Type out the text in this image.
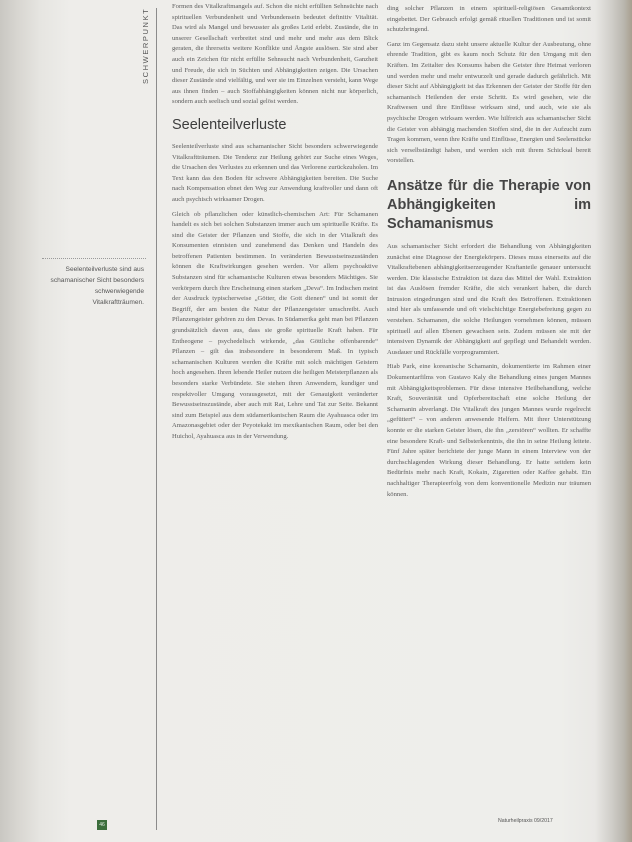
SCHWERPUNKT
Seelenteilverluste sind aus schamanischer Sicht besonders schwerwiegende Vitalkraftträumen.

Formen des Vitalkraftmangels auf. Schon die nicht erfüllten Sehnsüchte nach spirituellen Verbundenheit und Verbundensein bedeutet definitiv Vitalität. Das wird als Mangel und bewusster als großes Leid erlebt. Zustände, die in unserer Gesellschaft verbreitet sind und mehr und mehr aus dem Blick geraten, die ihrerseits weitere Konflikte und Ängste auslösen. Sie sind aber auch ein Zeichen für nicht erfüllte Sehnsucht nach Verbundenheit, Ganzheit und Freude, die sich in Süchten und Abhängigkeiten zeigen. Die Ursachen dieser Zustände sind vielfältig, und wer sie im Einzelnen versteht, kann Wege aus ihnen finden – auch Stoffabhängigkeiten können nicht nur körperlich, sondern auch seelisch und sozial gelöst werden.

Seelenteilverluste

Seelenteilverluste sind aus schamanischer Sicht besonders schwerwiegende Vitalkraftträumen. Die Tendenz zur Heilung gehört zur Suche eines Weges, die Ursachen des Verlustes zu erkennen und das Verlorene zurückzuholen. Im Text kann das den Boden für schwere Abhängigkeiten bereiten. Die Suche nach Kompensation ebnet den Weg zur Anwendung kraftvoller und dann oft auch psychisch wirksamer Drogen.

Gleich ob pflanzlichen oder künstlich-chemischen Art: Für Schamanen handelt es sich bei solchen Substanzen immer auch um spirituelle Kräfte. Es sind die Geister der Pflanzen und Stoffe, die sich in der Vitalkraft des Konsumenten einnisten und zunehmend das Denken und Handeln des betroffenen Patienten bestimmen. In veränderten Bewusstseinszuständen können die Kraftwirkungen gesehen werden. Vor allem psychoaktive Substanzen sind für schamanische Kulturen etwas besonders Mächtiges. Sie verkörpern durch ihre Erscheinung einen starken „Deva“. Im Indischen meint der Ausdruck typischerweise „Götter, die Gott dienen“ und ist somit der Begriff, der am besten die Natur der Pflanzengeister umschreibt. Auch Pflanzengeister gehören zu den Devas. In Südamerika geht man bei Pflanzen grundsätzlich davon aus, dass sie große spirituelle Kraft haben. Für Entheogene – psychedelisch wirkende, „das Göttliche offenbarende“ Pflanzen – gilt das insbesondere in besonderem Maß. In typisch schamanischen Kulturen werden die Kräfte mit solch mächtigen Geistern hoch angesehen. Ihren lebende Heiler nutzen die heiligen Meisterpflanzen als besonders starke Verbündete. Sie stehen ihren Anwendern, kundiger und respektvoller Umgang vorausgesetzt, mit der Genauigkeit veränderter Bewusstseinszustände, aber auch mit Rat, Lehre und Tat zur Seite. Bekannt sind zum Beispiel aus dem südamerikanischen Raum die Ayahuasca oder im Amazonasgebiet oder der Peyotekakt im mexikanischen Raum, oder bei den Huichol, Ayahuasca aus in der Verwendung.

ding solcher Pflanzen in einem spirituell-religiösen Gesamtkontext eingebettet. Der Gebrauch erfolgt gemäß rituellen Traditionen und ist somit schutzbringend.

Ganz im Gegensatz dazu steht unsere aktuelle Kultur der Ausbeutung, ohne ehrende Tradition, gibt es kaum noch Schutz für den Umgang mit den Kräften. Im Zeitalter des Konsums haben die Geister ihre Heimat verloren und werden mehr und mehr entwurzelt und gerade dadurch gefährlich. Mit dieser Sicht auf Abhängigkeit ist das Erkennen der Geister der Stoffe für den schamanisch Heilenden der erste Schritt. Es wird gesehen, wie die Kraftwesen und ihre Einflüsse wirksam sind, und auch, wie sie als psychische Drogen wirksam werden. Wie hilfreich aus schamanischer Sicht die Geister von abhängig machenden Stoffen sind, die in der Aufzucht zum Tragen kommen, wenn ihre Kräfte und Einflüsse, Energien und Seelenstücke sich verselbständigt haben, und werden sich mit ihrem Schicksal bereit vorstellen.

Ansätze für die Therapie von Abhängigkeiten im Schamanismus

Aus schamanischer Sicht erfordert die Behandlung von Abhängigkeiten zunächst eine Diagnose der Energiekörpers. Dieses muss einerseits auf die Vitalkraftebenen abhängigkeitserzeugender Kraftanteile genauer untersucht werden. Die klassische Extraktion ist dazu das Mittel der Wahl. Extraktion ist das Auslösen fremder Kräfte, die sich verankert haben, die durch Intrusion eingedrungen sind und die Kraft des Betroffenen. Extraktionen sind hier als umfassende und oft vielschichtige Energiebefreiung gegen zu verstehen. Schamanen, die solche Heilungen vornehmen können, müssen spirituell auf allen Ebenen gewachsen sein. Zudem müssen sie mit der intensiven Dynamik der Abhängigkeit auf gepflegt und Behandelt werden. Ausdauer und Rückfälle vorprogrammiert.

Hiab Park, eine koreanische Schamanin, dokumentierte im Rahmen einer Dokumentarfilms von Gustavo Kaly die Behandlung eines jungen Mannes mit Abhängigkeitsproblemen. Für diese intensive Heilbehandlung, welche Kraft, Souveränität und Opferbereitschaft eine solche Heilung der Schamanin abverlangt. Die Vitalkraft des jungen Mannes wurde regelrecht „gefüttert“ – von anderen anwesende Helfern. Mit ihrer Unterstützung konnte er die starken Geister lösen, die ihn „zerstören“ wollten. Er schaffte eine besondere Kraft- und Selbsterkenntnis, die ihn in seine Heilung leitete. Fünf Jahre später berichtete der junge Mann in einem Interview von der durchschlagenden Wirkung dieser Behandlung. Er hatte seitdem kein Bedürfnis mehr nach Kraft, Kokain, Zigaretten oder Kaffee gehabt. Ein nachhaltiger Therapieerfolg von dem konventionelle Medizin nur träumen können.

46
Naturheilpraxis 09/2017
